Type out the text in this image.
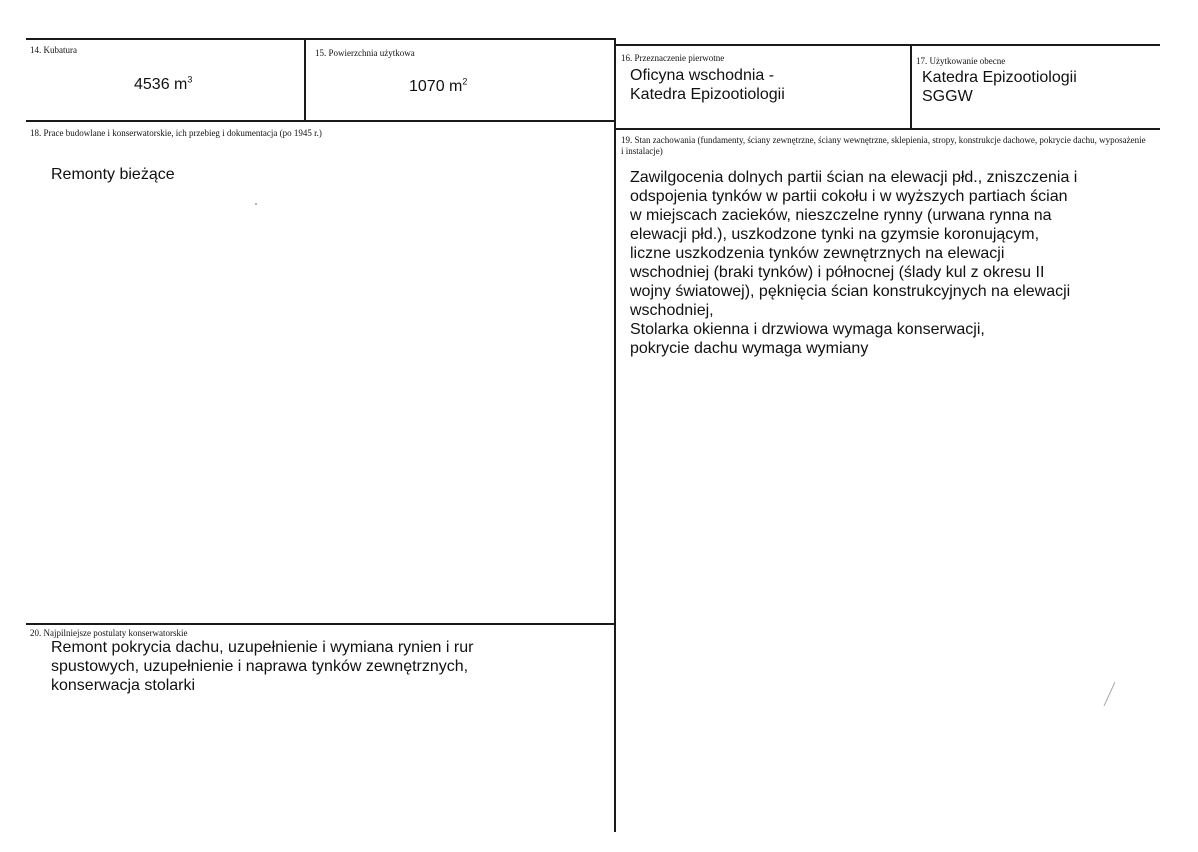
14. Kubatura
4536 $m^3$
15. Powierzchnia użytkowa
1070 $m^2$
16. Przeznaczenie pierwotne
Oficyna wschodnia -
Katedra Epizootiologii
17. Użytkowanie obecne
Katedra Epizootiologii
SGGW
18. Prace budowlane i konserwatorskie, ich przebieg i dokumentacja (po 1945 r.)
Remonty bieżące
19. Stan zachowania (fundamenty, ściany zewnętrzne, ściany wewnętrzne, sklepienia, stropy, konstrukcje dachowe, pokrycie dachu, wyposażenie i instalacje)
Zawilgocenia dolnych partii ścian na elewacji płd., zniszczenia i
odspojenia tynków w partii cokołu i w wyższych partiach ścian
w miejscach zacieków, nieszczelne rynny (urwana rynna na
elewacji płd.), uszkodzone tynki na gzymsie koronującym,
liczne uszkodzenia tynków zewnętrznych na elewacji
wschodniej (braki tynków) i północnej (ślady kul z okresu II
wojny światowej), pęknięcia ścian konstrukcyjnych na elewacji
wschodniej,
Stolarka okienna i drzwiowa wymaga konserwacji,
pokrycie dachu wymaga wymiany
20. Najpilniejsze postulaty konserwatorskie
Remont pokrycia dachu, uzupełnienie i wymiana rynien i rur
spustowych, uzupełnienie i naprawa tynków zewnętrznych,
konserwacja stolarki
